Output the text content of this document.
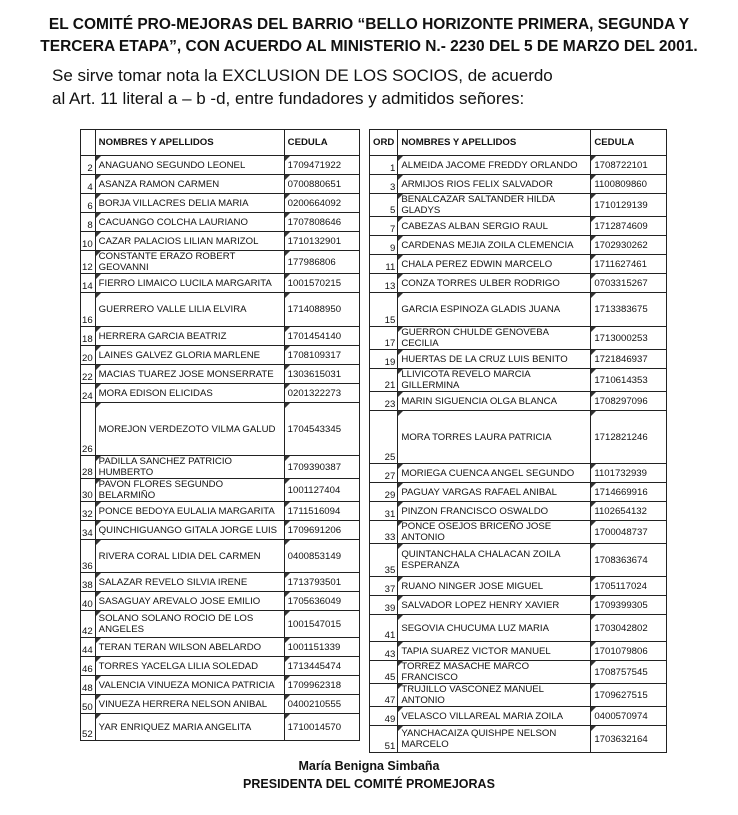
EL COMITÉ PRO-MEJORAS DEL BARRIO “BELLO HORIZONTE PRIMERA, SEGUNDA Y
TERCERA ETAPA”, CON ACUERDO AL MINISTERIO N.- 2230 DEL 5 DE MARZO DEL 2001.
Se sirve tomar nota la EXCLUSION DE LOS SOCIOS, de acuerdo
al Art. 11 literal a – b -d, entre fundadores y admitidos señores:
	NOMBRES Y APELLIDOS	CEDULA
2	ANAGUANO SEGUNDO LEONEL	1709471922
4	ASANZA RAMON CARMEN	0700880651
6	BORJA VILLACRES DELIA MARIA	0200664092
8	CACUANGO COLCHA LAURIANO	1707808646
10	CAZAR PALACIOS LILIAN MARIZOL	1710132901
12	CONSTANTE ERAZO ROBERT GEOVANNI	177986806
14	FIERRO LIMAICO LUCILA MARGARITA	1001570215
16	GUERRERO VALLE LILIA ELVIRA	1714088950
18	HERRERA GARCIA BEATRIZ	1701454140
20	LAINES GALVEZ GLORIA MARLENE	1708109317
22	MACIAS TUAREZ JOSE MONSERRATE	1303615031
24	MORA EDISON ELICIDAS	0201322273
26	MOREJON VERDEZOTO VILMA GALUD	1704543345
28	PADILLA SANCHEZ PATRICIO HUMBERTO	1709390387
30	PAVON FLORES SEGUNDO BELARMIÑO	1001127404
32	PONCE BEDOYA EULALIA MARGARITA	1711516094
34	QUINCHIGUANGO GITALA JORGE LUIS	1709691206
36	RIVERA CORAL LIDIA DEL CARMEN	0400853149
38	SALAZAR REVELO SILVIA IRENE	1713793501
40	SASAGUAY AREVALO JOSE EMILIO	1705636049
42	SOLANO SOLANO ROCIO DE LOS ANGELES	1001547015
44	TERAN TERAN WILSON ABELARDO	1001151339
46	TORRES YACELGA LILIA SOLEDAD	1713445474
48	VALENCIA VINUEZA MONICA PATRICIA	1709962318
50	VINUEZA HERRERA NELSON ANIBAL	0400210555
52	YAR ENRIQUEZ MARIA ANGELITA	1710014570
ORD	NOMBRES Y APELLIDOS	CEDULA
1	ALMEIDA JACOME FREDDY ORLANDO	1708722101
3	ARMIJOS RIOS FELIX SALVADOR	1100809860
5	BENALCAZAR SALTANDER HILDA GLADYS	1710129139
7	CABEZAS ALBAN SERGIO RAUL	1712874609
9	CARDENAS MEJIA ZOILA CLEMENCIA	1702930262
11	CHALA PEREZ EDWIN MARCELO	1711627461
13	CONZA TORRES ULBER RODRIGO	0703315267
15	GARCIA ESPINOZA GLADIS JUANA	1713383675
17	GUERRON CHULDE GENOVEBA CECILIA	1713000253
19	HUERTAS DE LA CRUZ LUIS BENITO	1721846937
21	LLIVICOTA REVELO MARCIA GILLERMINA	1710614353
23	MARIN SIGUENCIA OLGA BLANCA	1708297096
25	MORA TORRES LAURA PATRICIA	1712821246
27	MORIEGA CUENCA ANGEL SEGUNDO	1101732939
29	PAGUAY VARGAS RAFAEL ANIBAL	1714669916
31	PINZON FRANCISCO OSWALDO	1102654132
33	PONCE OSEJOS BRICEÑO JOSE ANTONIO	1700048737
35	QUINTANCHALA CHALACAN ZOILA ESPERANZA	1708363674
37	RUANO NINGER JOSE MIGUEL	1705117024
39	SALVADOR LOPEZ HENRY XAVIER	1709399305
41	SEGOVIA CHUCUMA LUZ MARIA	1703042802
43	TAPIA SUAREZ VICTOR MANUEL	1701079806
45	TORREZ MASACHE MARCO FRANCISCO	1708757545
47	TRUJILLO VASCONEZ MANUEL ANTONIO	1709627515
49	VELASCO VILLAREAL MARIA ZOILA	0400570974
51	YANCHACAIZA QUISHPE NELSON MARCELO	1703632164
María Benigna Simbaña
PRESIDENTA DEL COMITÉ PROMEJORAS
